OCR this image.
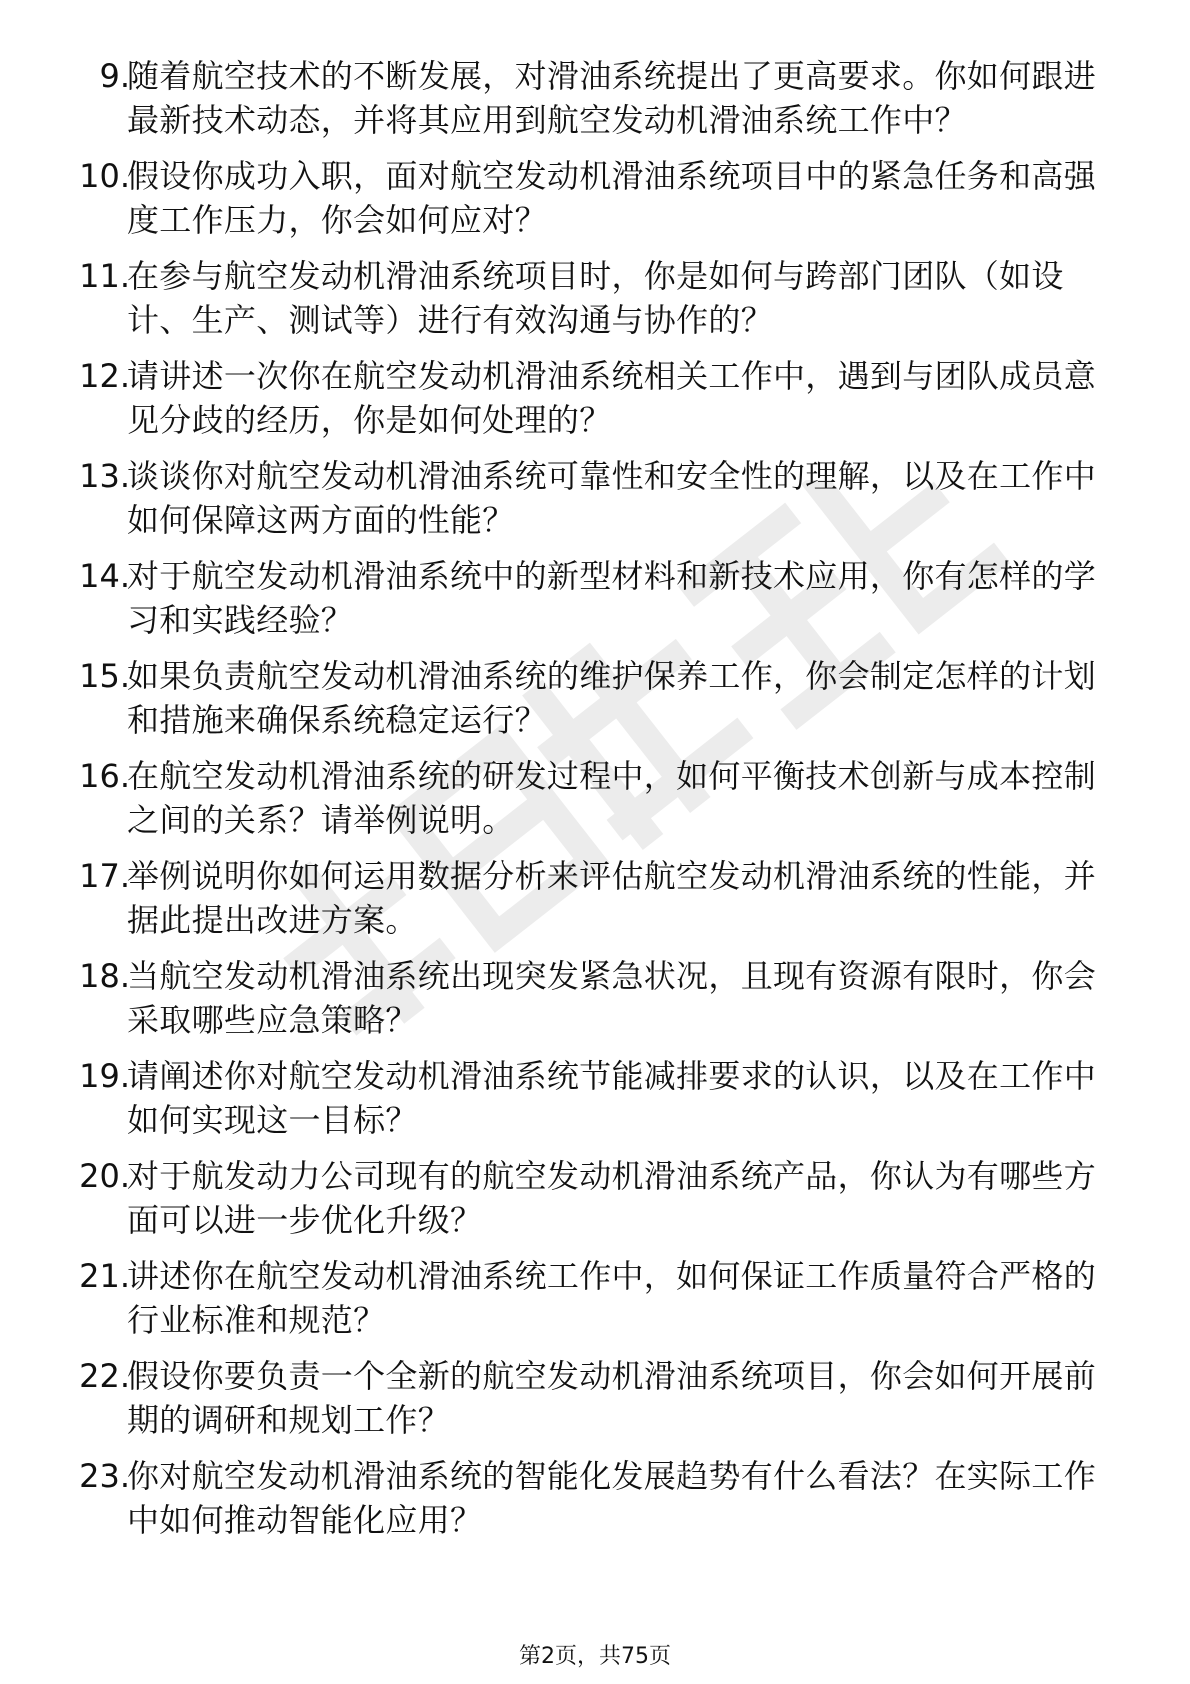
9.
随着航空技术的不断发展，对滑油系统提出了更高要求。你如何跟进最新技术动态，并将其应用到航空发动机滑油系统工作中？
10.
假设你成功入职，面对航空发动机滑油系统项目中的紧急任务和高强度工作压力，你会如何应对？
11.
在参与航空发动机滑油系统项目时，你是如何与跨部门团队（如设计、生产、测试等）进行有效沟通与协作的？
12.
请讲述一次你在航空发动机滑油系统相关工作中，遇到与团队成员意见分歧的经历，你是如何处理的？
13.
谈谈你对航空发动机滑油系统可靠性和安全性的理解，以及在工作中如何保障这两方面的性能？
14.
对于航空发动机滑油系统中的新型材料和新技术应用，你有怎样的学习和实践经验？
15.
如果负责航空发动机滑油系统的维护保养工作，你会制定怎样的计划和措施来确保系统稳定运行？
16.
在航空发动机滑油系统的研发过程中，如何平衡技术创新与成本控制之间的关系？请举例说明。
17.
举例说明你如何运用数据分析来评估航空发动机滑油系统的性能，并据此提出改进方案。
18.
当航空发动机滑油系统出现突发紧急状况，且现有资源有限时，你会采取哪些应急策略？
19.
请阐述你对航空发动机滑油系统节能减排要求的认识，以及在工作中如何实现这一目标？
20.
对于航发动力公司现有的航空发动机滑油系统产品，你认为有哪些方面可以进一步优化升级？
21.
讲述你在航空发动机滑油系统工作中，如何保证工作质量符合严格的行业标准和规范？
22.
假设你要负责一个全新的航空发动机滑油系统项目，你会如何开展前期的调研和规划工作？
23.
你对航空发动机滑油系统的智能化发展趋势有什么看法？在实际工作中如何推动智能化应用？
第2页，共75页
